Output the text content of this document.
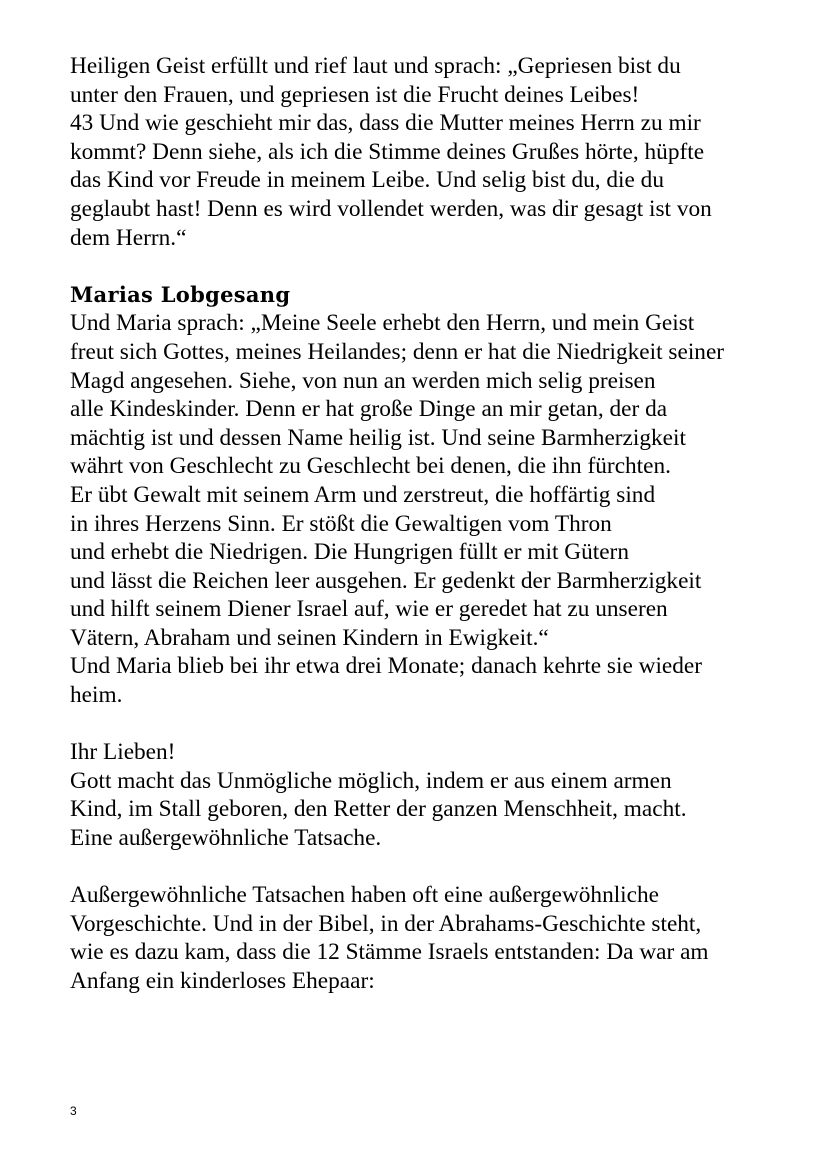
Heiligen Geist erfüllt und rief laut und sprach: „Gepriesen bist du
unter den Frauen, und gepriesen ist die Frucht deines Leibes!
43 Und wie geschieht mir das, dass die Mutter meines Herrn zu mir
kommt? Denn siehe, als ich die Stimme deines Grußes hörte, hüpfte
das Kind vor Freude in meinem Leibe. Und selig bist du, die du
geglaubt hast! Denn es wird vollendet werden, was dir gesagt ist von
dem Herrn.“
Marias Lobgesang
Und Maria sprach: „Meine Seele erhebt den Herrn, und mein Geist
freut sich Gottes, meines Heilandes; denn er hat die Niedrigkeit seiner
Magd angesehen. Siehe, von nun an werden mich selig preisen
alle Kindeskinder. Denn er hat große Dinge an mir getan, der da
mächtig ist und dessen Name heilig ist. Und seine Barmherzigkeit
währt von Geschlecht zu Geschlecht bei denen, die ihn fürchten.
Er übt Gewalt mit seinem Arm und zerstreut, die hoffärtig sind
in ihres Herzens Sinn. Er stößt die Gewaltigen vom Thron
und erhebt die Niedrigen. Die Hungrigen füllt er mit Gütern
und lässt die Reichen leer ausgehen. Er gedenkt der Barmherzigkeit
und hilft seinem Diener Israel auf, wie er geredet hat zu unseren
Vätern, Abraham und seinen Kindern in Ewigkeit.“
Und Maria blieb bei ihr etwa drei Monate; danach kehrte sie wieder
heim.
Ihr Lieben!
Gott macht das Unmögliche möglich, indem er aus einem armen
Kind, im Stall geboren, den Retter der ganzen Menschheit, macht.
Eine außergewöhnliche Tatsache.
Außergewöhnliche Tatsachen haben oft eine außergewöhnliche
Vorgeschichte. Und in der Bibel, in der Abrahams-Geschichte steht,
wie es dazu kam, dass die 12 Stämme Israels entstanden: Da war am
Anfang ein kinderloses Ehepaar:
3
